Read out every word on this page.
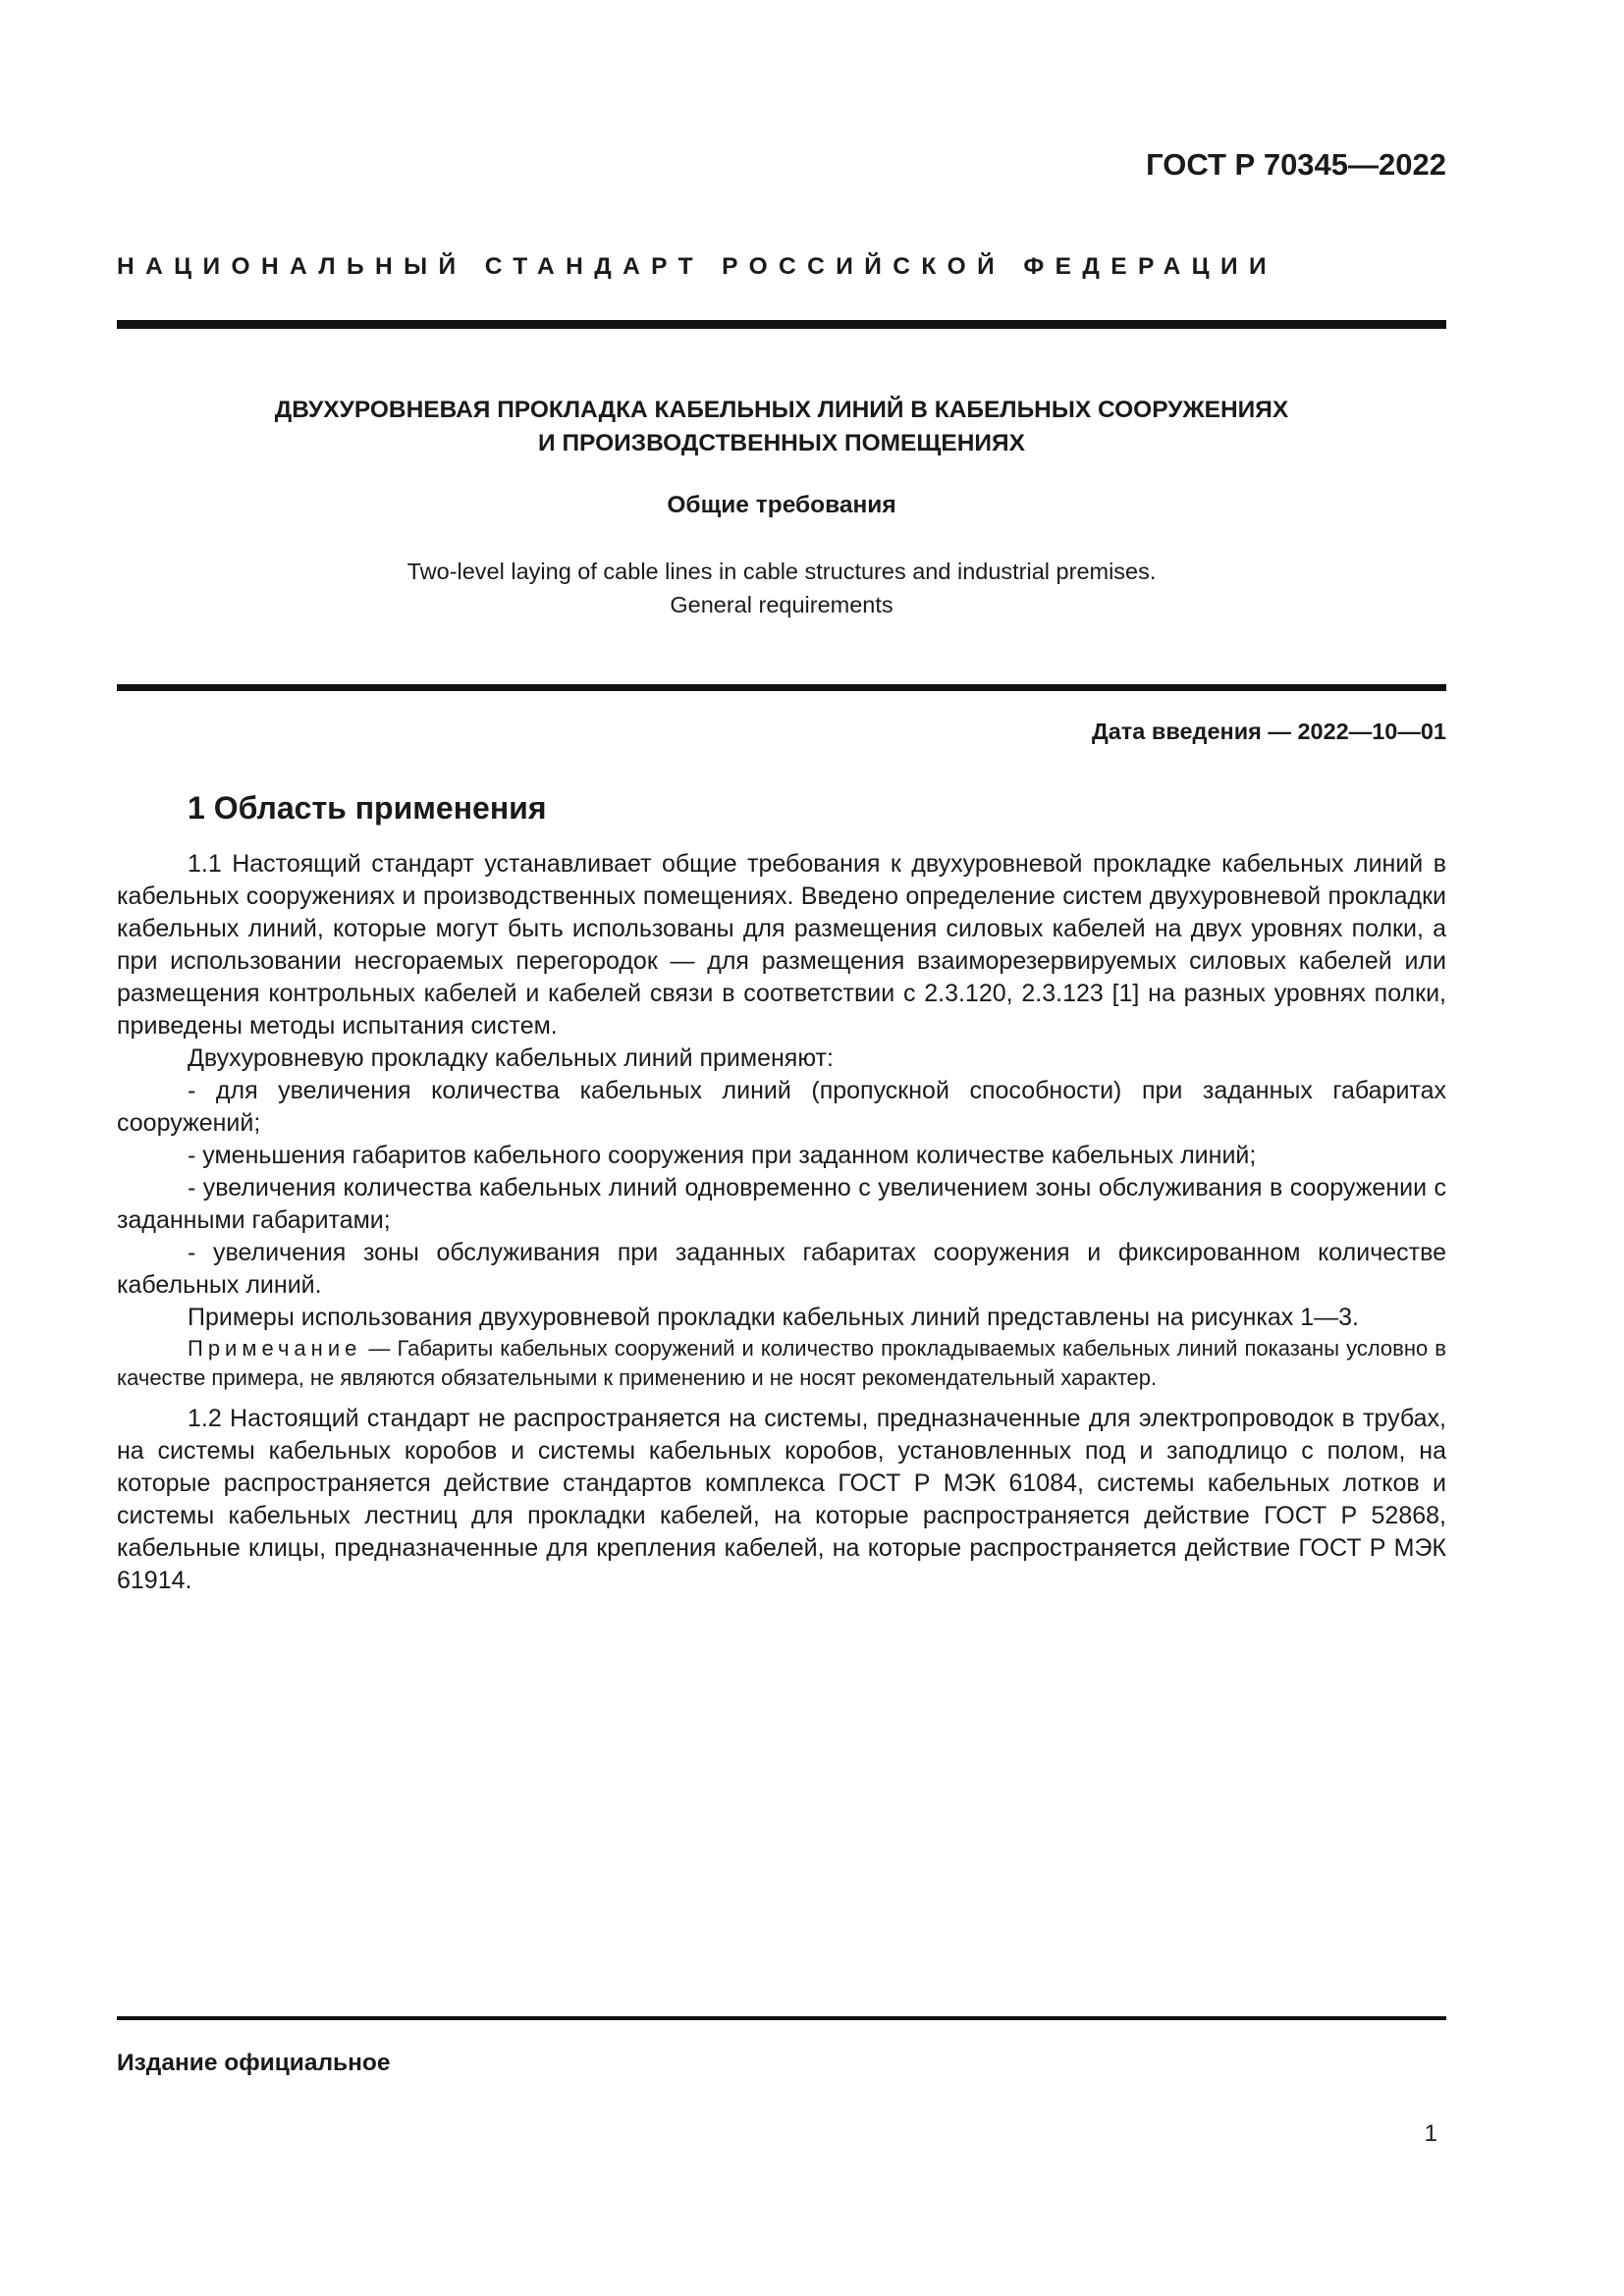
ГОСТ Р 70345—2022
НАЦИОНАЛЬНЫЙ СТАНДАРТ РОССИЙСКОЙ ФЕДЕРАЦИИ
ДВУХУРОВНЕВАЯ ПРОКЛАДКА КАБЕЛЬНЫХ ЛИНИЙ В КАБЕЛЬНЫХ СООРУЖЕНИЯХ
И ПРОИЗВОДСТВЕННЫХ ПОМЕЩЕНИЯХ
Общие требования
Two-level laying of cable lines in cable structures and industrial premises.
General requirements
Дата введения — 2022—10—01
1 Область применения

1.1 Настоящий стандарт устанавливает общие требования к двухуровневой прокладке кабельных линий в кабельных сооружениях и производственных помещениях. Введено определение систем двухуровневой прокладки кабельных линий, которые могут быть использованы для размещения силовых кабелей на двух уровнях полки, а при использовании несгораемых перегородок — для размещения взаиморезервируемых силовых кабелей или размещения контрольных кабелей и кабелей связи в соответствии с 2.3.120, 2.3.123 [1] на разных уровнях полки, приведены методы испытания систем.

Двухуровневую прокладку кабельных линий применяют:

- для увеличения количества кабельных линий (пропускной способности) при заданных габаритах сооружений;

- уменьшения габаритов кабельного сооружения при заданном количестве кабельных линий;

- увеличения количества кабельных линий одновременно с увеличением зоны обслуживания в сооружении с заданными габаритами;

- увеличения зоны обслуживания при заданных габаритах сооружения и фиксированном количестве кабельных линий.

Примеры использования двухуровневой прокладки кабельных линий представлены на рисунках 1—3.

Примечание — Габариты кабельных сооружений и количество прокладываемых кабельных линий показаны условно в качестве примера, не являются обязательными к применению и не носят рекомендательный характер.

1.2 Настоящий стандарт не распространяется на системы, предназначенные для электропроводок в трубах, на системы кабельных коробов и системы кабельных коробов, установленных под и заподлицо с полом, на которые распространяется действие стандартов комплекса ГОСТ Р МЭК 61084, системы кабельных лотков и системы кабельных лестниц для прокладки кабелей, на которые распространяется действие ГОСТ Р 52868, кабельные клицы, предназначенные для крепления кабелей, на которые распространяется действие ГОСТ Р МЭК 61914.

Издание официальное
1
